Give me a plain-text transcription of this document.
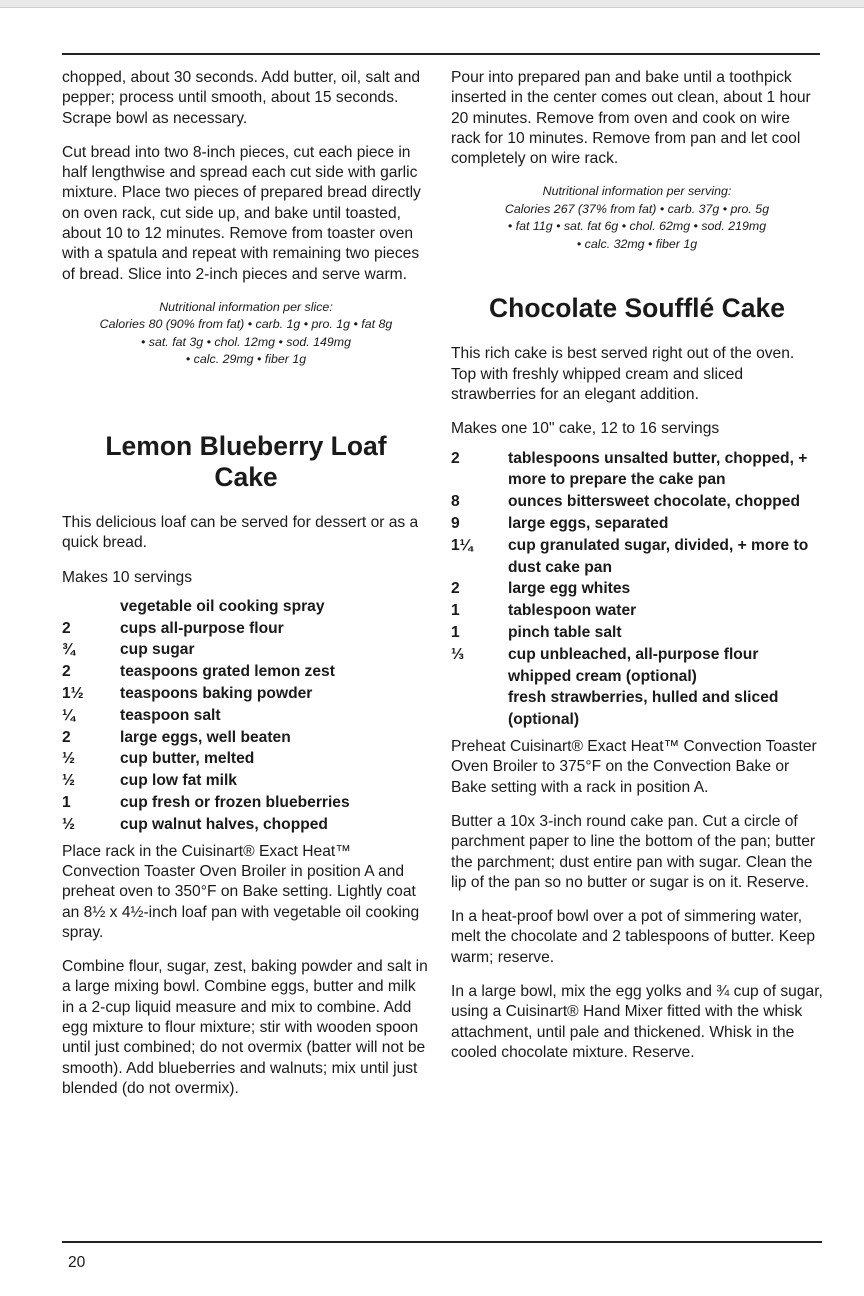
chopped, about 30 seconds. Add butter, oil, salt and pepper; process until smooth, about 15 seconds. Scrape bowl as necessary.

Cut bread into two 8-inch pieces, cut each piece in half lengthwise and spread each cut side with garlic mixture. Place two pieces of prepared bread directly on oven rack, cut side up, and bake until toasted, about 10 to 12 minutes. Remove from toaster oven with a spatula and repeat with remaining two pieces of bread. Slice into 2-inch pieces and serve warm.

Nutritional information per slice:
Calories 80 (90% from fat) • carb. 1g • pro. 1g • fat 8g
• sat. fat 3g • chol. 12mg • sod. 149mg
• calc. 29mg • fiber 1g
Lemon Blueberry Loaf
Cake

This delicious loaf can be served for dessert or as a quick bread.

Makes 10 servings

vegetable oil cooking spray
2	cups all-purpose flour
¾	cup sugar
2	teaspoons grated lemon zest
1½	teaspoons baking powder
¼	teaspoon salt
2	large eggs, well beaten
½	cup butter, melted
½	cup low fat milk
1	cup fresh or frozen blueberries
½	cup walnut halves, chopped

Place rack in the Cuisinart® Exact Heat™ Convection Toaster Oven Broiler in position A and preheat oven to 350°F on Bake setting. Lightly coat an 8½ x 4½-inch loaf pan with vegetable oil cooking spray.

Combine flour, sugar, zest, baking powder and salt in a large mixing bowl. Combine eggs, butter and milk in a 2-cup liquid measure and mix to combine. Add egg mixture to flour mixture; stir with wooden spoon until just combined; do not overmix (batter will not be smooth). Add blueberries and walnuts; mix until just blended (do not overmix).

Pour into prepared pan and bake until a toothpick inserted in the center comes out clean, about 1 hour 20 minutes. Remove from oven and cook on wire rack for 10 minutes. Remove from pan and let cool completely on wire rack.

Nutritional information per serving:
Calories 267 (37% from fat) • carb. 37g • pro. 5g
• fat 11g • sat. fat 6g • chol. 62mg • sod. 219mg
• calc. 32mg • fiber 1g
Chocolate Soufflé Cake

This rich cake is best served right out of the oven. Top with freshly whipped cream and sliced strawberries for an elegant addition.

Makes one 10" cake, 12 to 16 servings

2	tablespoons unsalted butter, chopped, + more to prepare the cake pan
8	ounces bittersweet chocolate, chopped
9	large eggs, separated
1¼	cup granulated sugar, divided, + more to dust cake pan
2	large egg whites
1	tablespoon water
1	pinch table salt
⅓	cup unbleached, all-purpose flour
whipped cream (optional)
fresh strawberries, hulled and sliced (optional)

Preheat Cuisinart® Exact Heat™ Convection Toaster Oven Broiler to 375°F on the Convection Bake or Bake setting with a rack in position A.

Butter a 10x 3-inch round cake pan. Cut a circle of parchment paper to line the bottom of the pan; butter the parchment; dust entire pan with sugar. Clean the lip of the pan so no butter or sugar is on it. Reserve.

In a heat-proof bowl over a pot of simmering water, melt the chocolate and 2 tablespoons of butter. Keep warm; reserve.

In a large bowl, mix the egg yolks and ¾ cup of sugar, using a Cuisinart® Hand Mixer fitted with the whisk attachment, until pale and thickened. Whisk in the cooled chocolate mixture. Reserve.

20
